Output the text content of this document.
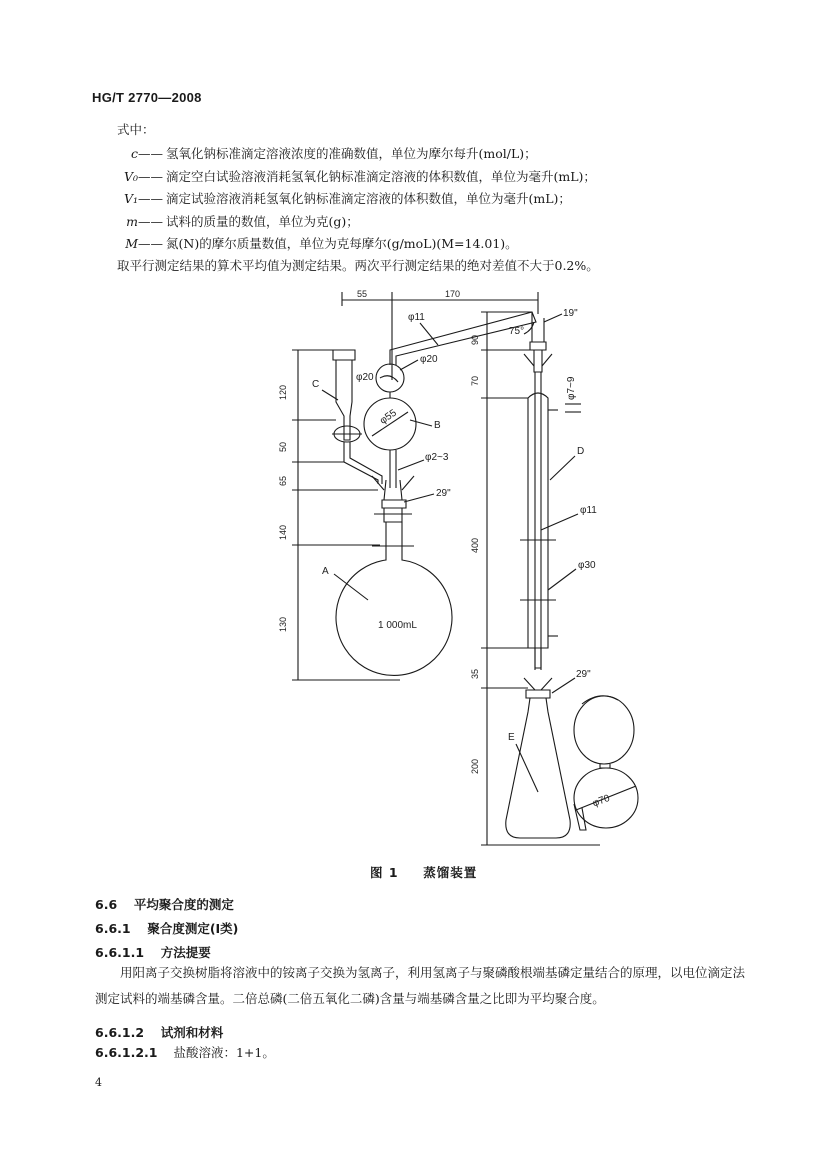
HG/T 2770—2008
式中：
c—— 氢氧化钠标准滴定溶液浓度的准确数值，单位为摩尔每升(mol/L)；
V₀—— 滴定空白试验溶液消耗氢氧化钠标准滴定溶液的体积数值，单位为毫升(mL)；
V₁—— 滴定试验溶液消耗氢氧化钠标准滴定溶液的体积数值，单位为毫升(mL)；
m—— 试料的质量的数值，单位为克(g)；
M—— 氮(N)的摩尔质量数值，单位为克每摩尔(g/moL)(M=14.01)。
取平行测定结果的算术平均值为测定结果。两次平行测定结果的绝对差值不大于0.2%。
55	170
φ11
75°
φ20
φ20
φ55	B
C
120
50
65
140
130
29"
φ2~3
A
1 000mL
19"
D
φ11
φ30
φ7~9
90
70
400
35
200
29"
E
φ70
图 1 蒸馏装置
6.6 平均聚合度的测定
6.6.1 聚合度测定(Ⅰ类)
6.6.1.1 方法提要
用阳离子交换树脂将溶液中的铵离子交换为氢离子，利用氢离子与聚磷酸根端基磷定量结合的原理，以电位滴定法测定试料的端基磷含量。二倍总磷(二倍五氧化二磷)含量与端基磷含量之比即为平均聚合度。
6.6.1.2 试剂和材料
6.6.1.2.1 盐酸溶液：1+1。
4
